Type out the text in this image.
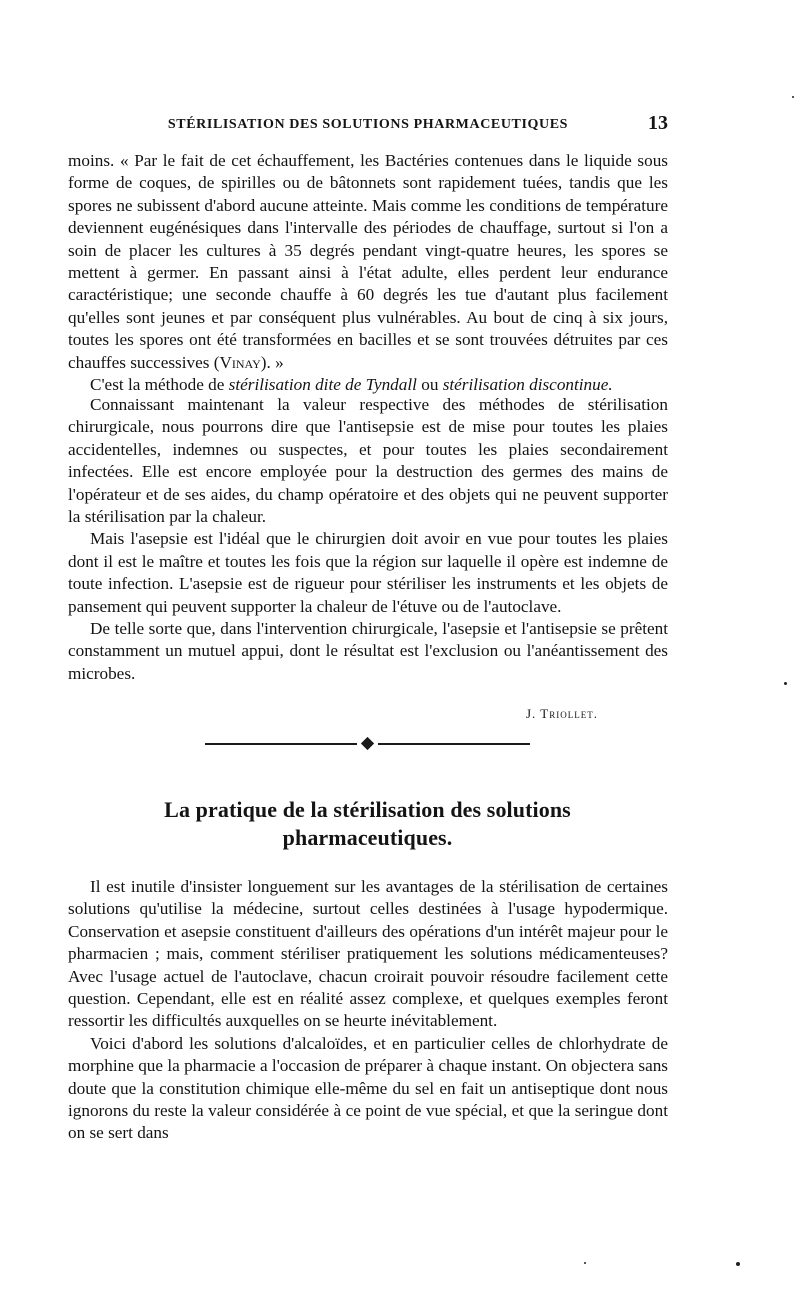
STÉRILISATION DES SOLUTIONS PHARMACEUTIQUES	13

moins. « Par le fait de cet échauffement, les Bactéries contenues dans le liquide sous forme de coques, de spirilles ou de bâtonnets sont rapidement tuées, tandis que les spores ne subissent d'abord aucune atteinte. Mais comme les conditions de température deviennent eugénésiques dans l'intervalle des périodes de chauffage, surtout si l'on a soin de placer les cultures à 35 degrés pendant vingt-quatre heures, les spores se mettent à germer. En passant ainsi à l'état adulte, elles perdent leur endurance caractéristique; une seconde chauffe à 60 degrés les tue d'autant plus facilement qu'elles sont jeunes et par conséquent plus vulnérables. Au bout de cinq à six jours, toutes les spores ont été transformées en bacilles et se sont trouvées détruites par ces chauffes successives (Vinay). »

C'est la méthode de stérilisation dite de Tyndall ou stérilisation discontinue.

Connaissant maintenant la valeur respective des méthodes de stérilisation chirurgicale, nous pourrons dire que l'antisepsie est de mise pour toutes les plaies accidentelles, indemnes ou suspectes, et pour toutes les plaies secondairement infectées. Elle est encore employée pour la destruction des germes des mains de l'opérateur et de ses aides, du champ opératoire et des objets qui ne peuvent supporter la stérilisation par la chaleur.

Mais l'asepsie est l'idéal que le chirurgien doit avoir en vue pour toutes les plaies dont il est le maître et toutes les fois que la région sur laquelle il opère est indemne de toute infection. L'asepsie est de rigueur pour stériliser les instruments et les objets de pansement qui peuvent supporter la chaleur de l'étuve ou de l'autoclave.

De telle sorte que, dans l'intervention chirurgicale, l'asepsie et l'antisepsie se prêtent constamment un mutuel appui, dont le résultat est l'exclusion ou l'anéantissement des microbes.

J. Triollet.
La pratique de la stérilisation des solutions pharmaceutiques.

Il est inutile d'insister longuement sur les avantages de la stérilisation de certaines solutions qu'utilise la médecine, surtout celles destinées à l'usage hypodermique. Conservation et asepsie constituent d'ailleurs des opérations d'un intérêt majeur pour le pharmacien ; mais, comment stériliser pratiquement les solutions médicamenteuses? Avec l'usage actuel de l'autoclave, chacun croirait pouvoir résoudre facilement cette question. Cependant, elle est en réalité assez complexe, et quelques exemples feront ressortir les difficultés auxquelles on se heurte inévitablement.

Voici d'abord les solutions d'alcaloïdes, et en particulier celles de chlorhydrate de morphine que la pharmacie a l'occasion de préparer à chaque instant. On objectera sans doute que la constitution chimique elle-même du sel en fait un antiseptique dont nous ignorons du reste la valeur considérée à ce point de vue spécial, et que la seringue dont on se sert dans
